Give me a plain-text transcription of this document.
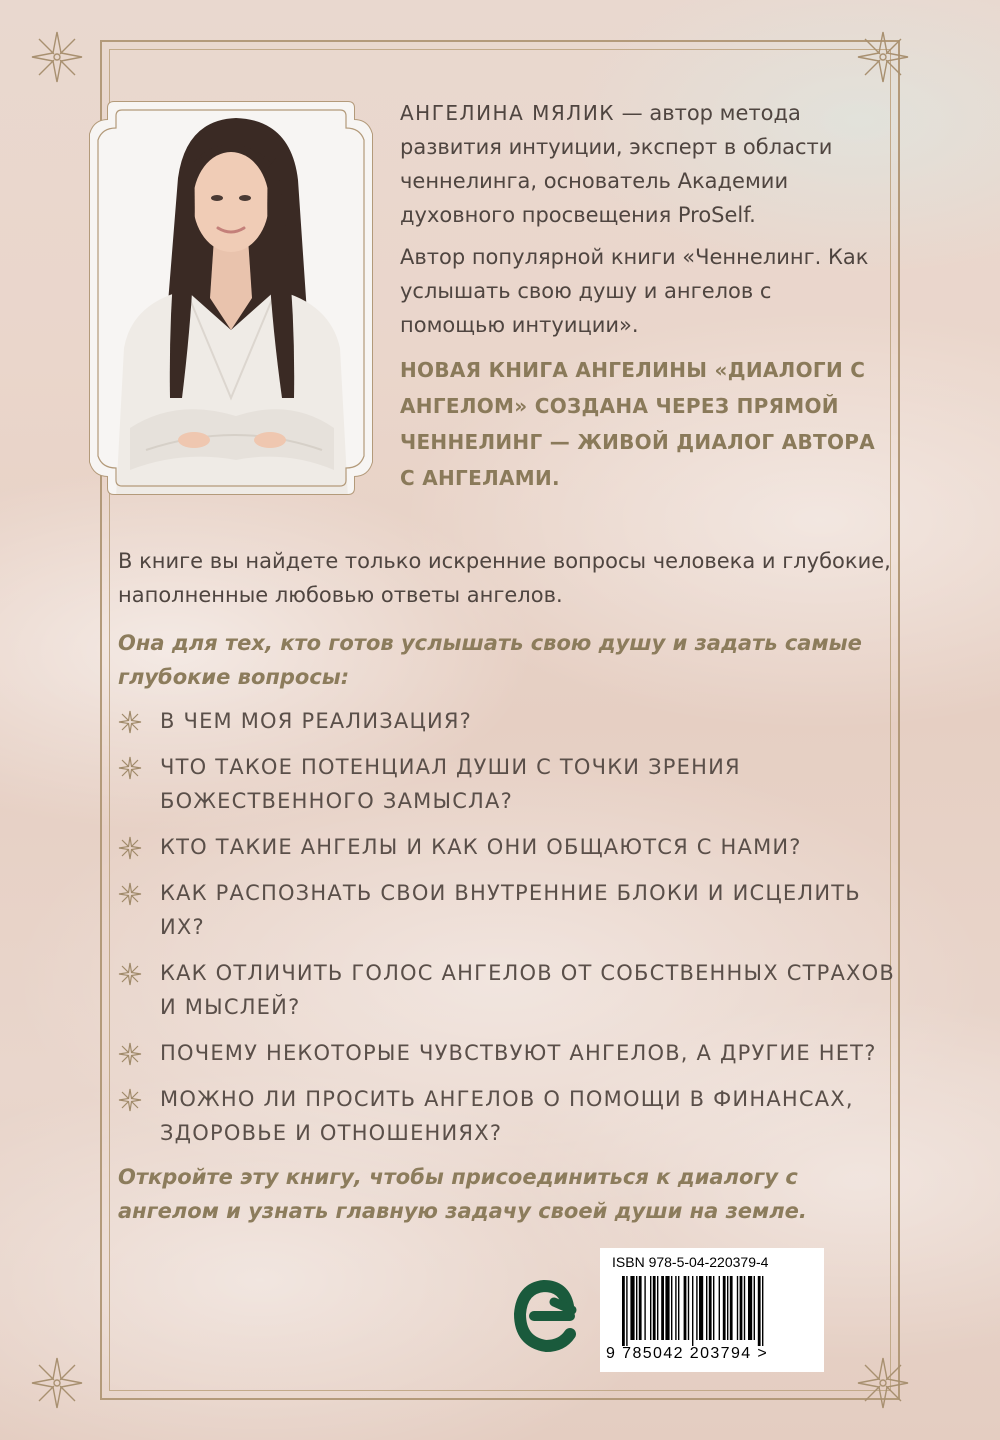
АНГЕЛИНА МЯЛИК — автор метода развития интуиции, эксперт в области ченнелинга, основатель Академии духовного просвещения ProSelf.

Автор популярной книги «Ченнелинг. Как услышать свою душу и ангелов с помощью интуиции».
НОВАЯ КНИГА АНГЕЛИНЫ «ДИАЛОГИ С АНГЕЛОМ» СОЗДАНА ЧЕРЕЗ ПРЯМОЙ ЧЕННЕЛИНГ — ЖИВОЙ ДИАЛОГ АВТОРА С АНГЕЛАМИ.
В книге вы найдете только искренние вопросы человека и глубокие, наполненные любовью ответы ангелов.
Она для тех, кто готов услышать свою душу и задать самые глубокие вопросы:
В ЧЕМ МОЯ РЕАЛИЗАЦИЯ?
ЧТО ТАКОЕ ПОТЕНЦИАЛ ДУШИ С ТОЧКИ ЗРЕНИЯ БОЖЕСТВЕННОГО ЗАМЫСЛА?
КТО ТАКИЕ АНГЕЛЫ И КАК ОНИ ОБЩАЮТСЯ С НАМИ?
КАК РАСПОЗНАТЬ СВОИ ВНУТРЕННИЕ БЛОКИ И ИСЦЕЛИТЬ ИХ?
КАК ОТЛИЧИТЬ ГОЛОС АНГЕЛОВ ОТ СОБСТВЕННЫХ СТРАХОВ И МЫСЛЕЙ?
ПОЧЕМУ НЕКОТОРЫЕ ЧУВСТВУЮТ АНГЕЛОВ, А ДРУГИЕ НЕТ?
МОЖНО ЛИ ПРОСИТЬ АНГЕЛОВ О ПОМОЩИ В ФИНАНСАХ, ЗДОРОВЬЕ И ОТНОШЕНИЯХ?
Откройте эту книгу, чтобы присоединиться к диалогу с ангелом и узнать главную задачу своей души на земле.
ISBN 978-5-04-220379-4
9 785042 203794 >
